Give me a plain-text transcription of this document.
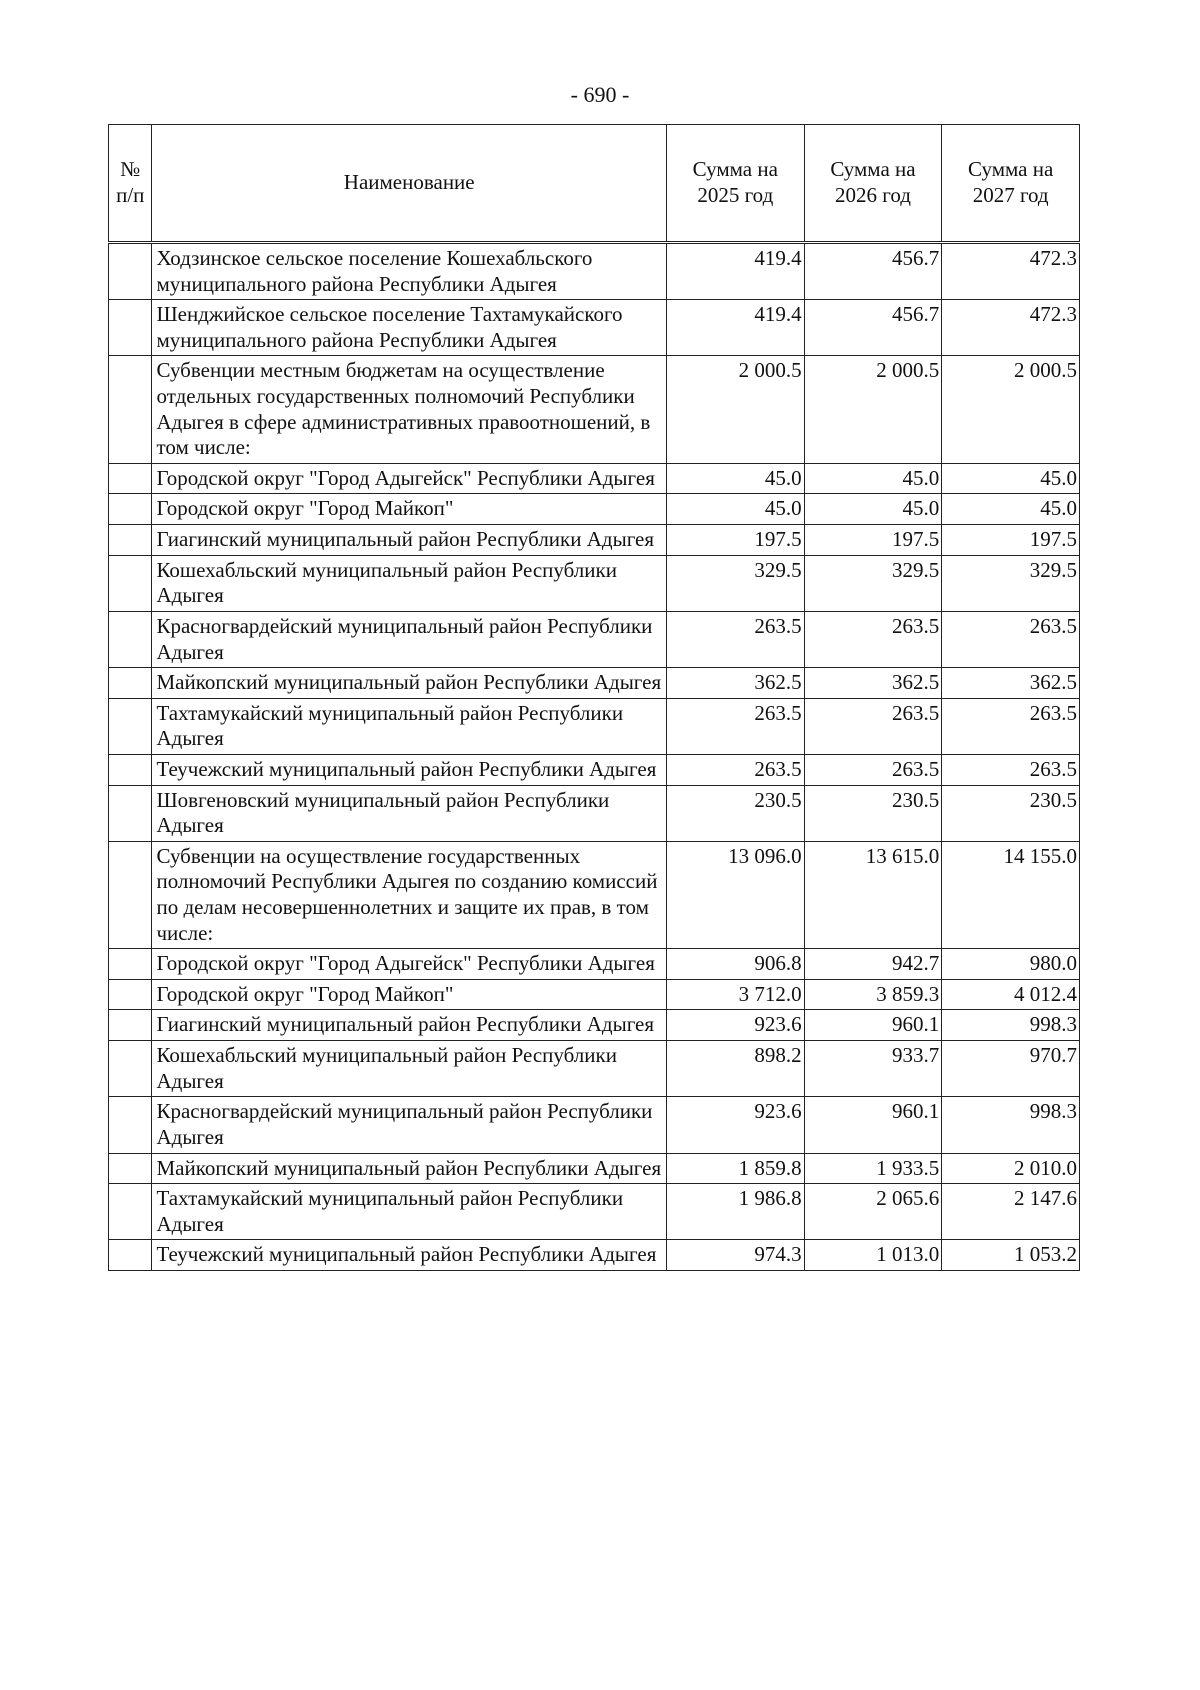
- 690 -
№ п/п	Наименование	Сумма на 2025 год	Сумма на 2026 год	Сумма на 2027 год
	Ходзинское сельское поселение Кошехабльского муниципального района Республики Адыгея	419.4	456.7	472.3
	Шенджийское сельское поселение Тахтамукайского муниципального района Республики Адыгея	419.4	456.7	472.3
	Субвенции местным бюджетам на осуществление отдельных государственных полномочий Республики Адыгея в сфере административных правоотношений, в том числе:	2 000.5	2 000.5	2 000.5
	Городской округ "Город Адыгейск" Республики Адыгея	45.0	45.0	45.0
	Городской округ "Город Майкоп"	45.0	45.0	45.0
	Гиагинский муниципальный район Республики Адыгея	197.5	197.5	197.5
	Кошехабльский муниципальный район Республики Адыгея	329.5	329.5	329.5
	Красногвардейский муниципальный район Республики Адыгея	263.5	263.5	263.5
	Майкопский муниципальный район Республики Адыгея	362.5	362.5	362.5
	Тахтамукайский муниципальный район Республики Адыгея	263.5	263.5	263.5
	Теучежский муниципальный район Республики Адыгея	263.5	263.5	263.5
	Шовгеновский муниципальный район Республики Адыгея	230.5	230.5	230.5
	Субвенции на осуществление государственных полномочий Республики Адыгея по созданию комиссий по делам несовершеннолетних и защите их прав, в том числе:	13 096.0	13 615.0	14 155.0
	Городской округ "Город Адыгейск" Республики Адыгея	906.8	942.7	980.0
	Городской округ "Город Майкоп"	3 712.0	3 859.3	4 012.4
	Гиагинский муниципальный район Республики Адыгея	923.6	960.1	998.3
	Кошехабльский муниципальный район Республики Адыгея	898.2	933.7	970.7
	Красногвардейский муниципальный район Республики Адыгея	923.6	960.1	998.3
	Майкопский муниципальный район Республики Адыгея	1 859.8	1 933.5	2 010.0
	Тахтамукайский муниципальный район Республики Адыгея	1 986.8	2 065.6	2 147.6
	Теучежский муниципальный район Республики Адыгея	974.3	1 013.0	1 053.2
